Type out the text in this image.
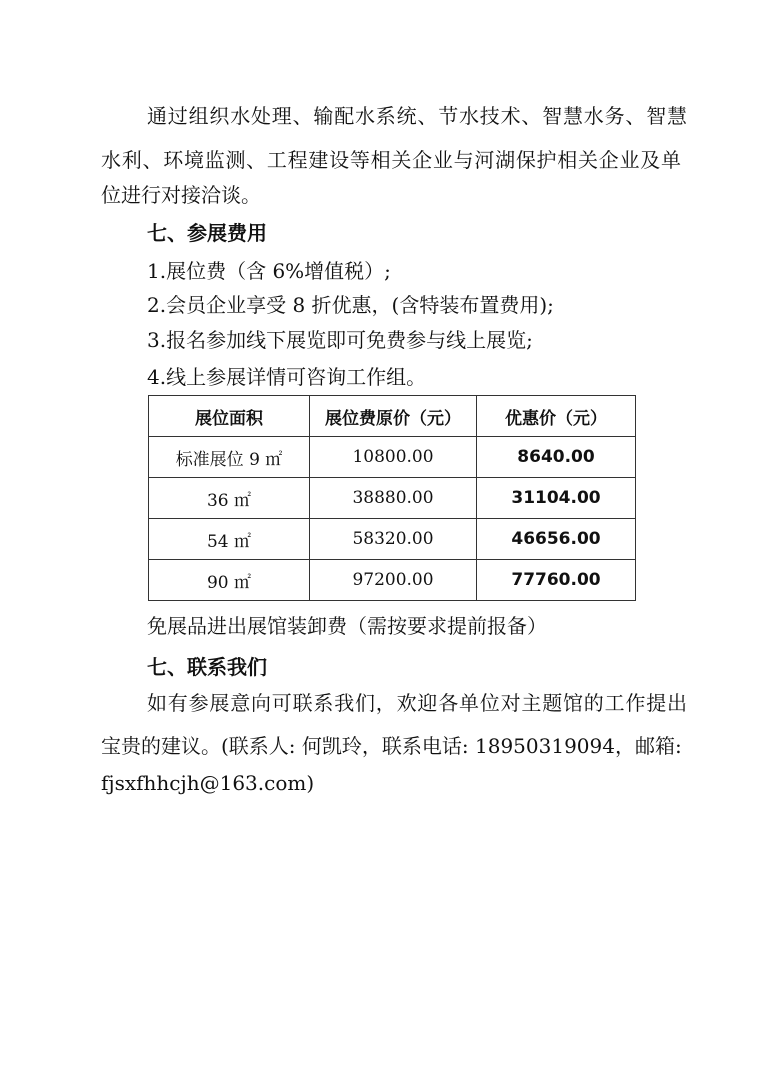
通过组织水处理、输配水系统、节水技术、智慧水务、智慧
水利、环境监测、工程建设等相关企业与河湖保护相关企业及单
位进行对接洽谈。
七、参展费用
1.展位费（含 6%增值税）;
2.会员企业享受 8 折优惠，(含特装布置费用);
3.报名参加线下展览即可免费参与线上展览;
4.线上参展详情可咨询工作组。
展位面积	展位费原价（元）	优惠价（元）
标准展位 9 ㎡	10800.00	8640.00
36 ㎡	38880.00	31104.00
54 ㎡	58320.00	46656.00
90 ㎡	97200.00	77760.00
免展品进出展馆装卸费（需按要求提前报备）
七、联系我们
如有参展意向可联系我们，欢迎各单位对主题馆的工作提出
宝贵的建议。(联系人: 何凯玲，联系电话: 18950319094，邮箱:
fjsxfhhcjh@163.com)
